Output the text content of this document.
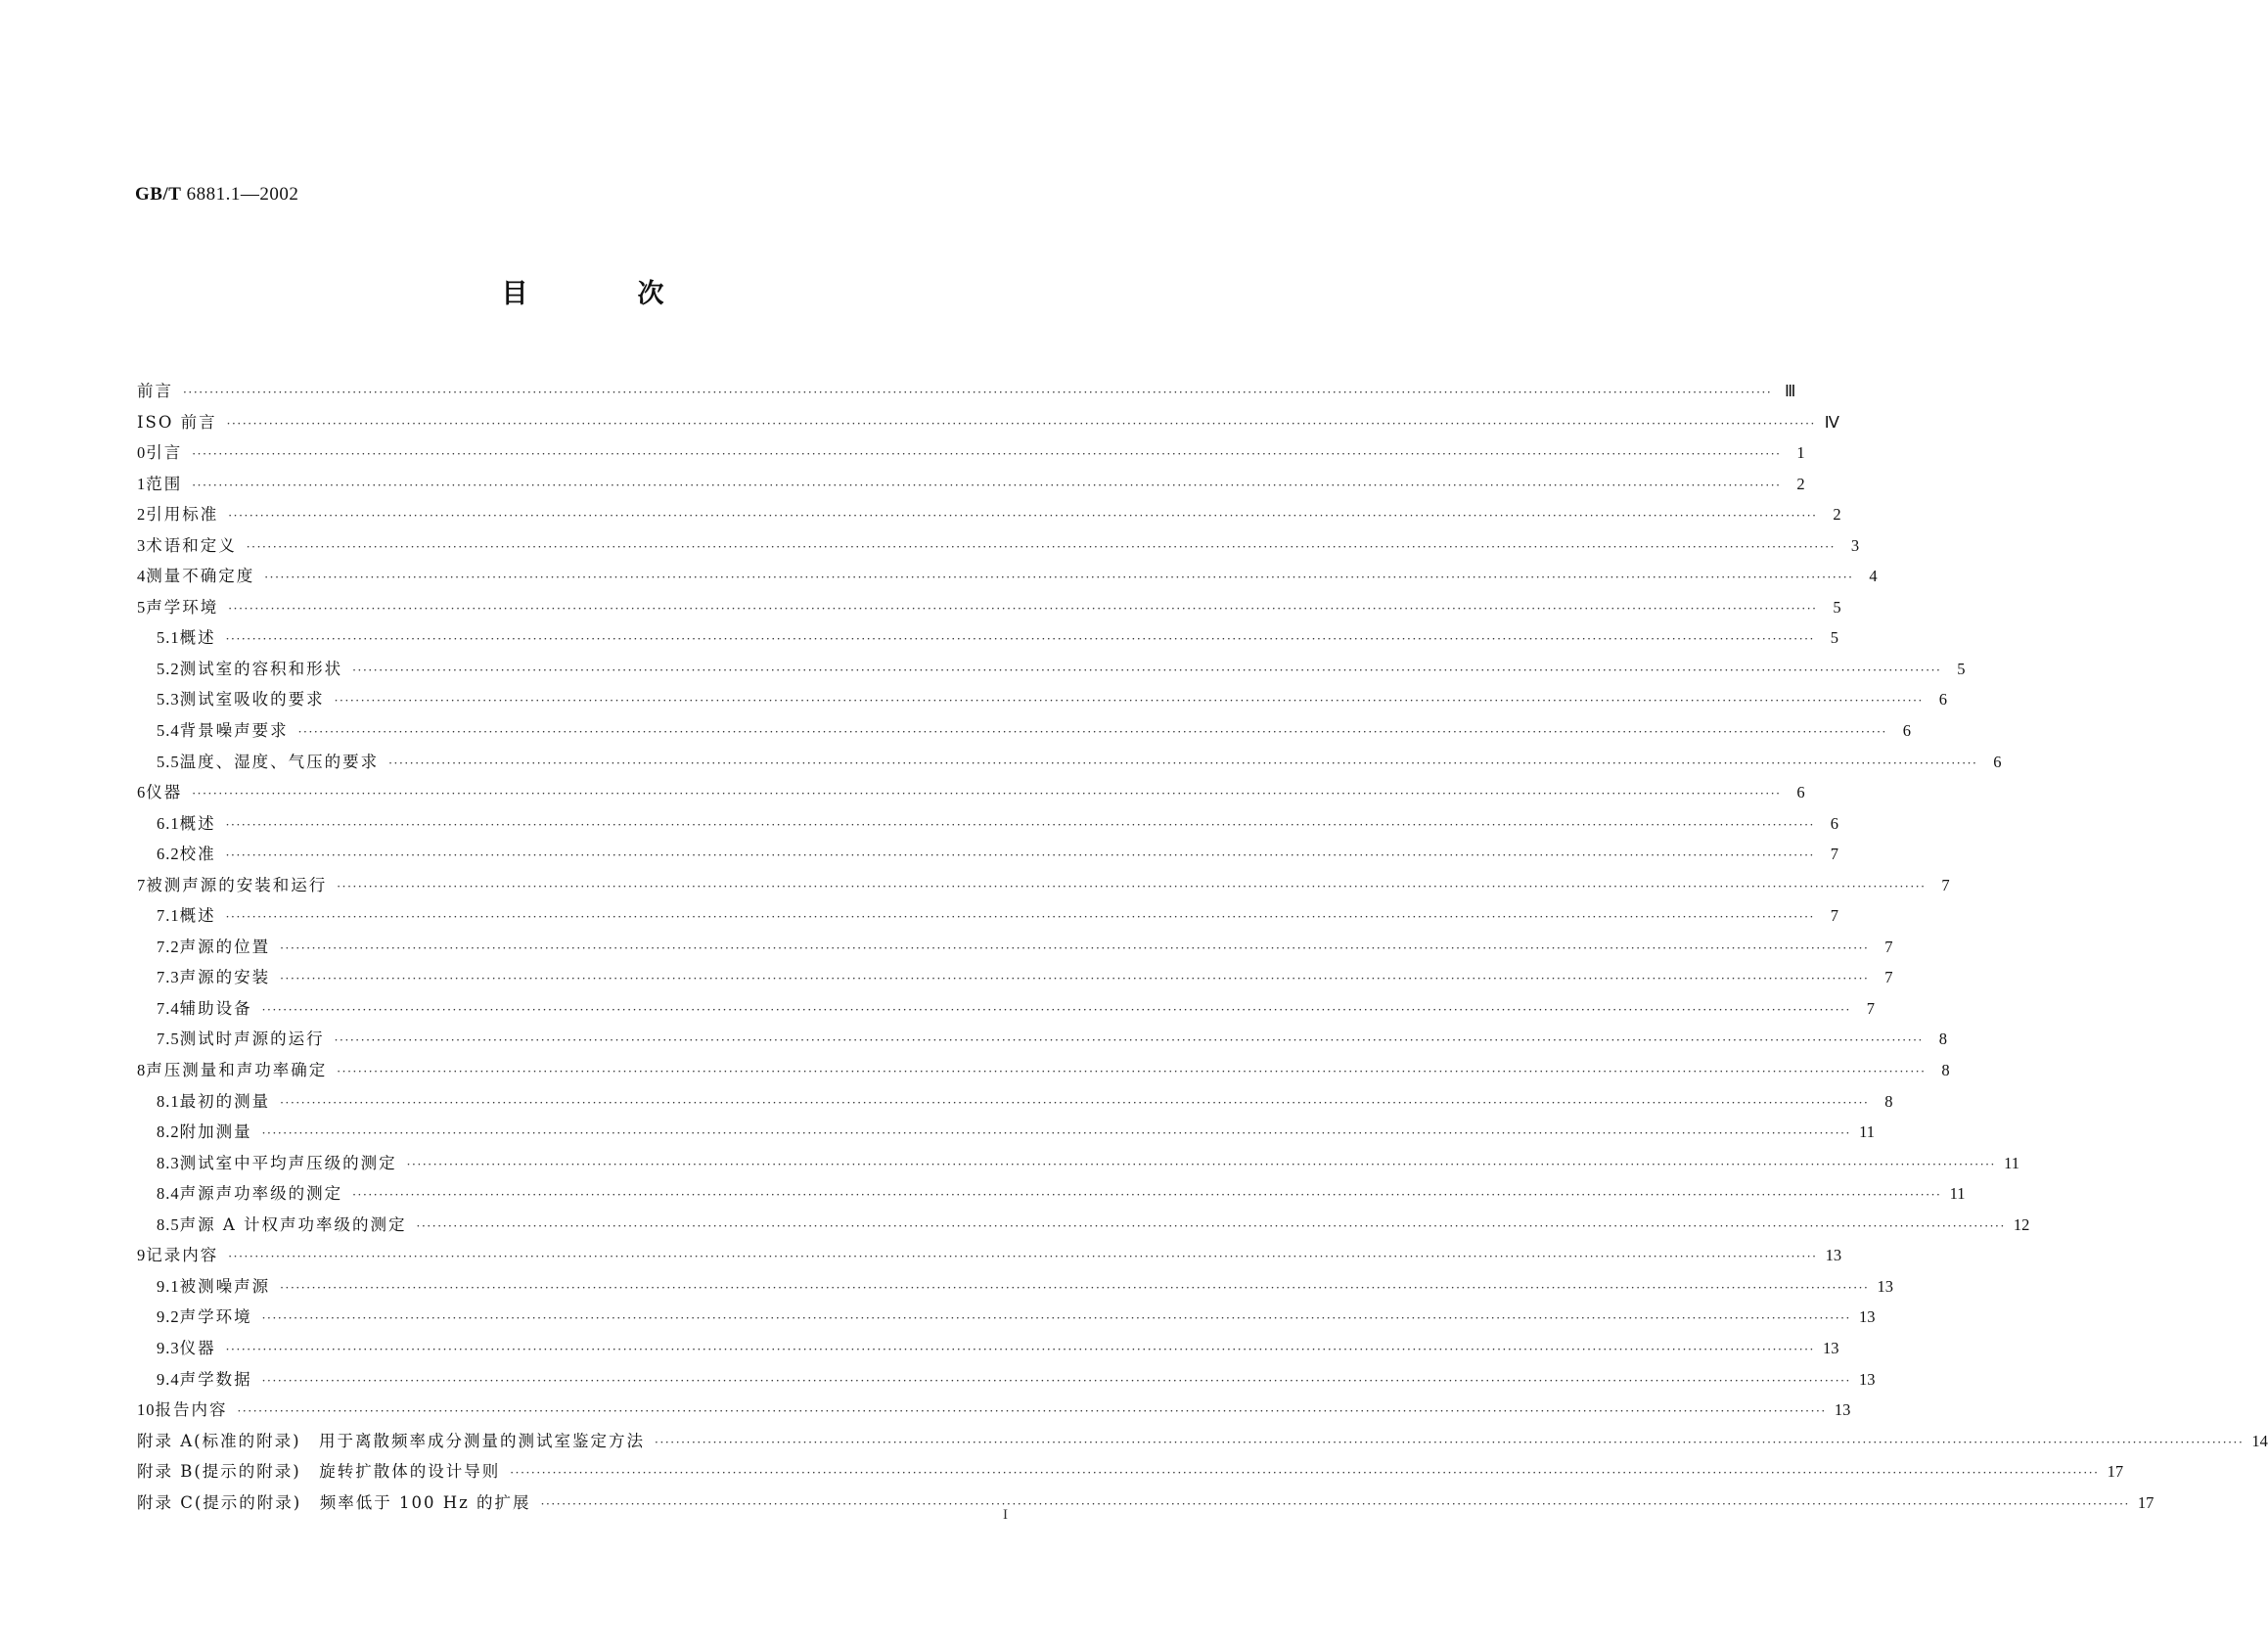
GB/T 6881.1—2002
目	次
前言 ············································································································································································································································································································ Ⅲ
ISO 前言 ············································································································································································································································································································ Ⅳ
0 引言 ············································································································································································································································································································ 1
1 范围 ············································································································································································································································································································ 2
2 引用标准 ············································································································································································································································································································ 2
3 术语和定义 ············································································································································································································································································································ 3
4 测量不确定度 ············································································································································································································································································································ 4
5 声学环境 ············································································································································································································································································································ 5
5.1 概述 ············································································································································································································································································································ 5
5.2 测试室的容积和形状 ············································································································································································································································································································ 5
5.3 测试室吸收的要求 ············································································································································································································································································································ 6
5.4 背景噪声要求 ············································································································································································································································································································ 6
5.5 温度、湿度、气压的要求 ············································································································································································································································································································ 6
6 仪器 ············································································································································································································································································································ 6
6.1 概述 ············································································································································································································································································································ 6
6.2 校准 ············································································································································································································································································································ 7
7 被测声源的安装和运行 ············································································································································································································································································································ 7
7.1 概述 ············································································································································································································································································································ 7
7.2 声源的位置 ············································································································································································································································································································ 7
7.3 声源的安装 ············································································································································································································································································································ 7
7.4 辅助设备 ············································································································································································································································································································ 7
7.5 测试时声源的运行 ············································································································································································································································································································ 8
8 声压测量和声功率确定 ············································································································································································································································································································ 8
8.1 最初的测量 ············································································································································································································································································································ 8
8.2 附加测量 ············································································································································································································································································································ 11
8.3 测试室中平均声压级的测定 ············································································································································································································································································································ 11
8.4 声源声功率级的测定 ············································································································································································································································································································ 11
8.5 声源 A 计权声功率级的测定 ············································································································································································································································································································ 12
9 记录内容 ············································································································································································································································································································ 13
9.1 被测噪声源 ············································································································································································································································································································ 13
9.2 声学环境 ············································································································································································································································································································ 13
9.3 仪器 ············································································································································································································································································································ 13
9.4 声学数据 ············································································································································································································································································································ 13
10 报告内容 ············································································································································································································································································································ 13
附录 A(标准的附录)　用于离散频率成分测量的测试室鉴定方法 ············································································································································································································································································································ 14
附录 B(提示的附录)　旋转扩散体的设计导则 ············································································································································································································································································································ 17
附录 C(提示的附录)　频率低于 100 Hz 的扩展 ············································································································································································································································································································ 17
I
